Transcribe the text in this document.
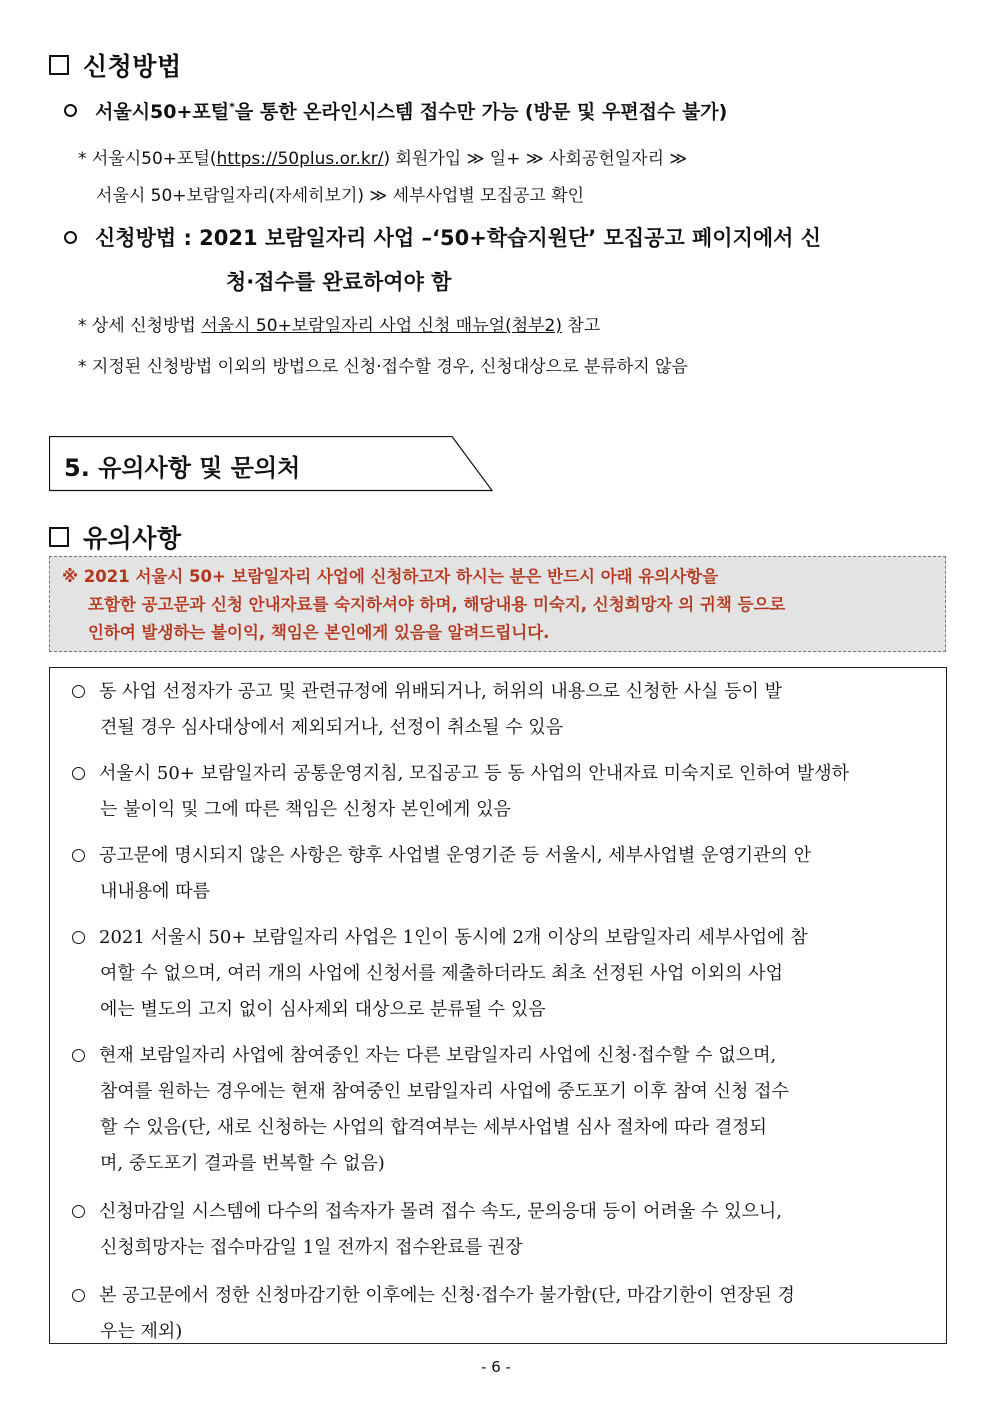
신청방법
서울시50+포털*을 통한 온라인시스템 접수만 가능 (방문 및 우편접수 불가)
* 서울시50+포털(https://50plus.or.kr/) 회원가입 ≫ 일+ ≫ 사회공헌일자리 ≫
서울시 50+보람일자리(자세히보기) ≫ 세부사업별 모집공고 확인
신청방법 : 2021 보람일자리 사업 –‘50+학습지원단’ 모집공고 페이지에서 신
청·접수를 완료하여야 함
* 상세 신청방법 서울시 50+보람일자리 사업 신청 매뉴얼(첨부2) 참고
* 지정된 신청방법 이외의 방법으로 신청·접수할 경우, 신청대상으로 분류하지 않음
5. 유의사항 및 문의처
유의사항
※ 2021 서울시 50+ 보람일자리 사업에 신청하고자 하시는 분은 반드시 아래 유의사항을
포함한 공고문과 신청 안내자료를 숙지하셔야 하며, 해당내용 미숙지, 신청희망자 의 귀책 등으로
인하여 발생하는 불이익, 책임은 본인에게 있음을 알려드립니다.
동 사업 선정자가 공고 및 관련규정에 위배되거나, 허위의 내용으로 신청한 사실 등이 발
견될 경우 심사대상에서 제외되거나, 선정이 취소될 수 있음
서울시 50+ 보람일자리 공통운영지침, 모집공고 등 동 사업의 안내자료 미숙지로 인하여 발생하
는 불이익 및 그에 따른 책임은 신청자 본인에게 있음
공고문에 명시되지 않은 사항은 향후 사업별 운영기준 등 서울시, 세부사업별 운영기관의 안
내내용에 따름
2021 서울시 50+ 보람일자리 사업은 1인이 동시에 2개 이상의 보람일자리 세부사업에 참
여할 수 없으며, 여러 개의 사업에 신청서를 제출하더라도 최초 선정된 사업 이외의 사업
에는 별도의 고지 없이 심사제외 대상으로 분류될 수 있음
현재 보람일자리 사업에 참여중인 자는 다른 보람일자리 사업에 신청·접수할 수 없으며,
참여를 원하는 경우에는 현재 참여중인 보람일자리 사업에 중도포기 이후 참여 신청 접수
할 수 있음(단, 새로 신청하는 사업의 합격여부는 세부사업별 심사 절차에 따라 결정되
며, 중도포기 결과를 번복할 수 없음)
신청마감일 시스템에 다수의 접속자가 몰려 접수 속도, 문의응대 등이 어려울 수 있으니,
신청희망자는 접수마감일 1일 전까지 접수완료를 권장
본 공고문에서 정한 신청마감기한 이후에는 신청·접수가 불가함(단, 마감기한이 연장된 경
우는 제외)
- 6 -
